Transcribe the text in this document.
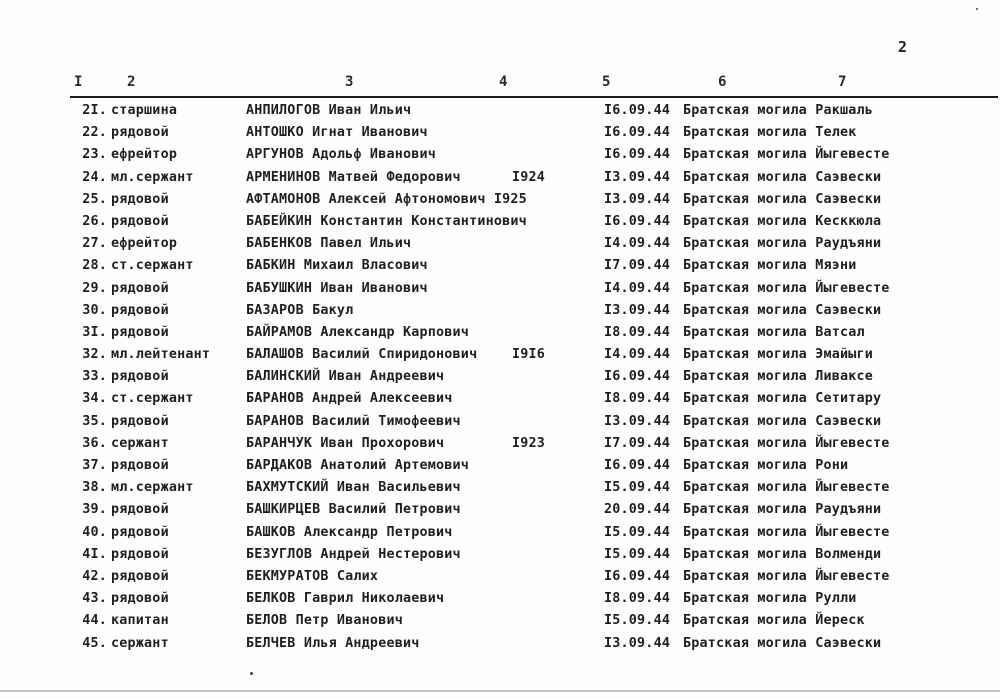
2
I	2	3	4	5	6	7
2I. старшина	АНПИЛОГОВ Иван Ильич	I6.09.44 Братская могила Ракшаль
22. рядовой	АНТОШКО Игнат Иванович	I6.09.44 Братская могила Телек
23. ефрейтор	АРГУНОВ Адольф Иванович	I6.09.44 Братская могила Йыгевесте
24. мл.сержант	АРМЕНИНОВ Матвей Федорович	I924	I3.09.44 Братская могила Саэвески
25. рядовой	АФТАМОНОВ Алексей Афтономович I925	I3.09.44 Братская могила Саэвески
26. рядовой	БАБЕЙКИН Константин Константинович	I6.09.44 Братская могила Кесккюла
27. ефрейтор	БАБЕНКОВ Павел Ильич	I4.09.44 Братская могила Раудъяни
28. ст.сержант	БАБКИН Михаил Власович	I7.09.44 Братская могила Мяэни
29. рядовой	БАБУШКИН Иван Иванович	I4.09.44 Братская могила Йыгевесте
30. рядовой	БАЗАРОВ Бакул	I3.09.44 Братская могила Саэвески
3I. рядовой	БАЙРАМОВ Александр Карпович	I8.09.44 Братская могила Ватсал
32. мл.лейтенант	БАЛАШОВ Василий Спиридонович	I9I6	I4.09.44 Братская могила Эмайыги
33. рядовой	БАЛИНСКИЙ Иван Андреевич	I6.09.44 Братская могила Ливаксе
34. ст.сержант	БАРАНОВ Андрей Алексеевич	I8.09.44 Братская могила Сетитару
35. рядовой	БАРАНОВ Василий Тимофеевич	I3.09.44 Братская могила Саэвески
36. сержант	БАРАНЧУК Иван Прохорович	I923	I7.09.44 Братская могила Йыгевесте
37. рядовой	БАРДАКОВ Анатолий Артемович	I6.09.44 Братская могила Рони
38. мл.сержант	БАХМУТСКИЙ Иван Васильевич	I5.09.44 Братская могила Йыгевесте
39. рядовой	БАШКИРЦЕВ Василий Петрович	20.09.44 Братская могила Раудъяни
40. рядовой	БАШКОВ Александр Петрович	I5.09.44 Братская могила Йыгевесте
4I. рядовой	БЕЗУГЛОВ Андрей Нестерович	I5.09.44 Братская могила Волменди
42. рядовой	БЕКМУРАТОВ Салих	I6.09.44 Братская могила Йыгевесте
43. рядовой	БЕЛКОВ Гаврил Николаевич	I8.09.44 Братская могила Рулли
44. капитан	БЕЛОВ Петр Иванович	I5.09.44 Братская могила Йереск
45. сержант	БЕЛЧЕВ Илья Андреевич	I3.09.44 Братская могила Саэвески
